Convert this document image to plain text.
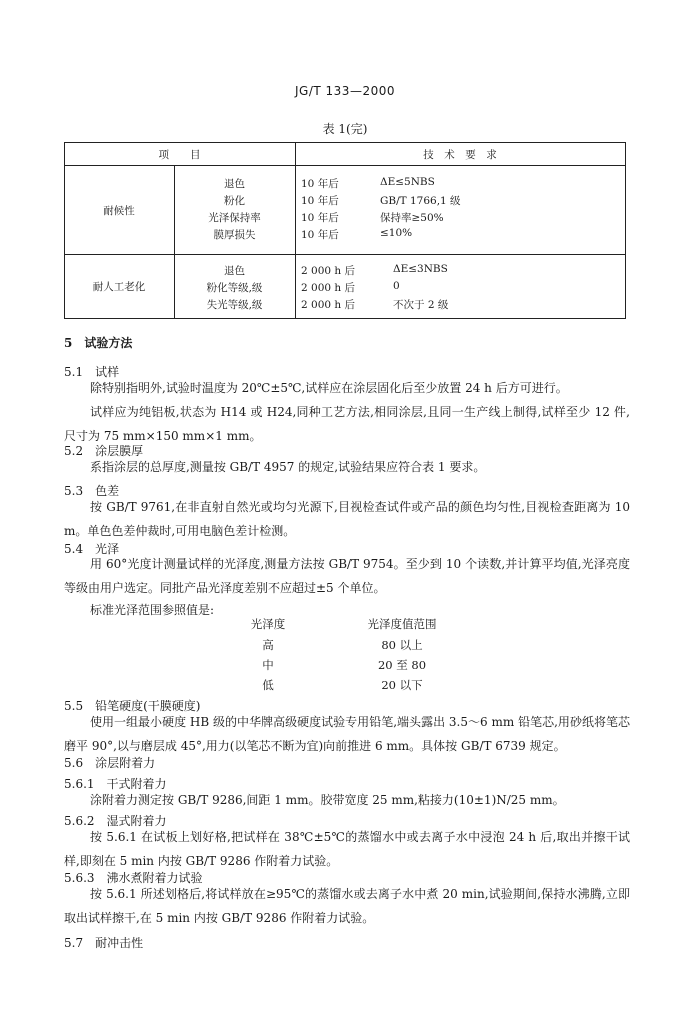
JG/T 133—2000
表 1(完)
项　　目	技　术　要　求
耐候性
退色	10 年后	ΔE≤5NBS
粉化	10 年后	GB/T 1766,1 级
光泽保持率	10 年后	保持率≥50%
膜厚损失	10 年后	≤10%
耐人工老化
退色	2 000 h 后	ΔE≤3NBS
粉化等级,级	2 000 h 后	0
失光等级,级	2 000 h 后	不次于 2 级
5　试验方法
5.1　试样
除特别指明外,试验时温度为 20℃±5℃,试样应在涂层固化后至少放置 24 h 后方可进行。
试样应为纯铝板,状态为 H14 或 H24,同种工艺方法,相同涂层,且同一生产线上制得,试样至少 12 件,尺寸为 75 mm×150 mm×1 mm。
5.2　涂层膜厚
系指涂层的总厚度,测量按 GB/T 4957 的规定,试验结果应符合表 1 要求。
5.3　色差
按 GB/T 9761,在非直射自然光或均匀光源下,目视检查试件或产品的颜色均匀性,目视检查距离为 10 m。单色色差仲裁时,可用电脑色差计检测。
5.4　光泽
用 60°光度计测量试样的光泽度,测量方法按 GB/T 9754。至少到 10 个读数,并计算平均值,光泽亮度等级由用户选定。同批产品光泽度差别不应超过±5 个单位。
标准光泽范围参照值是:
光泽度	光泽度值范围
高	80 以上
中	20 至 80
低	20 以下
5.5　铅笔硬度(干膜硬度)
使用一组最小硬度 HB 级的中华牌高级硬度试验专用铅笔,端头露出 3.5～6 mm 铅笔芯,用砂纸将笔芯磨平 90°,以与磨层成 45°,用力(以笔芯不断为宜)向前推进 6 mm。具体按 GB/T 6739 规定。
5.6　涂层附着力
5.6.1　干式附着力
涂附着力测定按 GB/T 9286,间距 1 mm。胶带宽度 25 mm,粘接力(10±1)N/25 mm。
5.6.2　湿式附着力
按 5.6.1 在试板上划好格,把试样在 38℃±5℃的蒸馏水中或去离子水中浸泡 24 h 后,取出并擦干试样,即刻在 5 min 内按 GB/T 9286 作附着力试验。
5.6.3　沸水煮附着力试验
按 5.6.1 所述划格后,将试样放在≥95℃的蒸馏水或去离子水中煮 20 min,试验期间,保持水沸腾,立即取出试样擦干,在 5 min 内按 GB/T 9286 作附着力试验。
5.7　耐冲击性
